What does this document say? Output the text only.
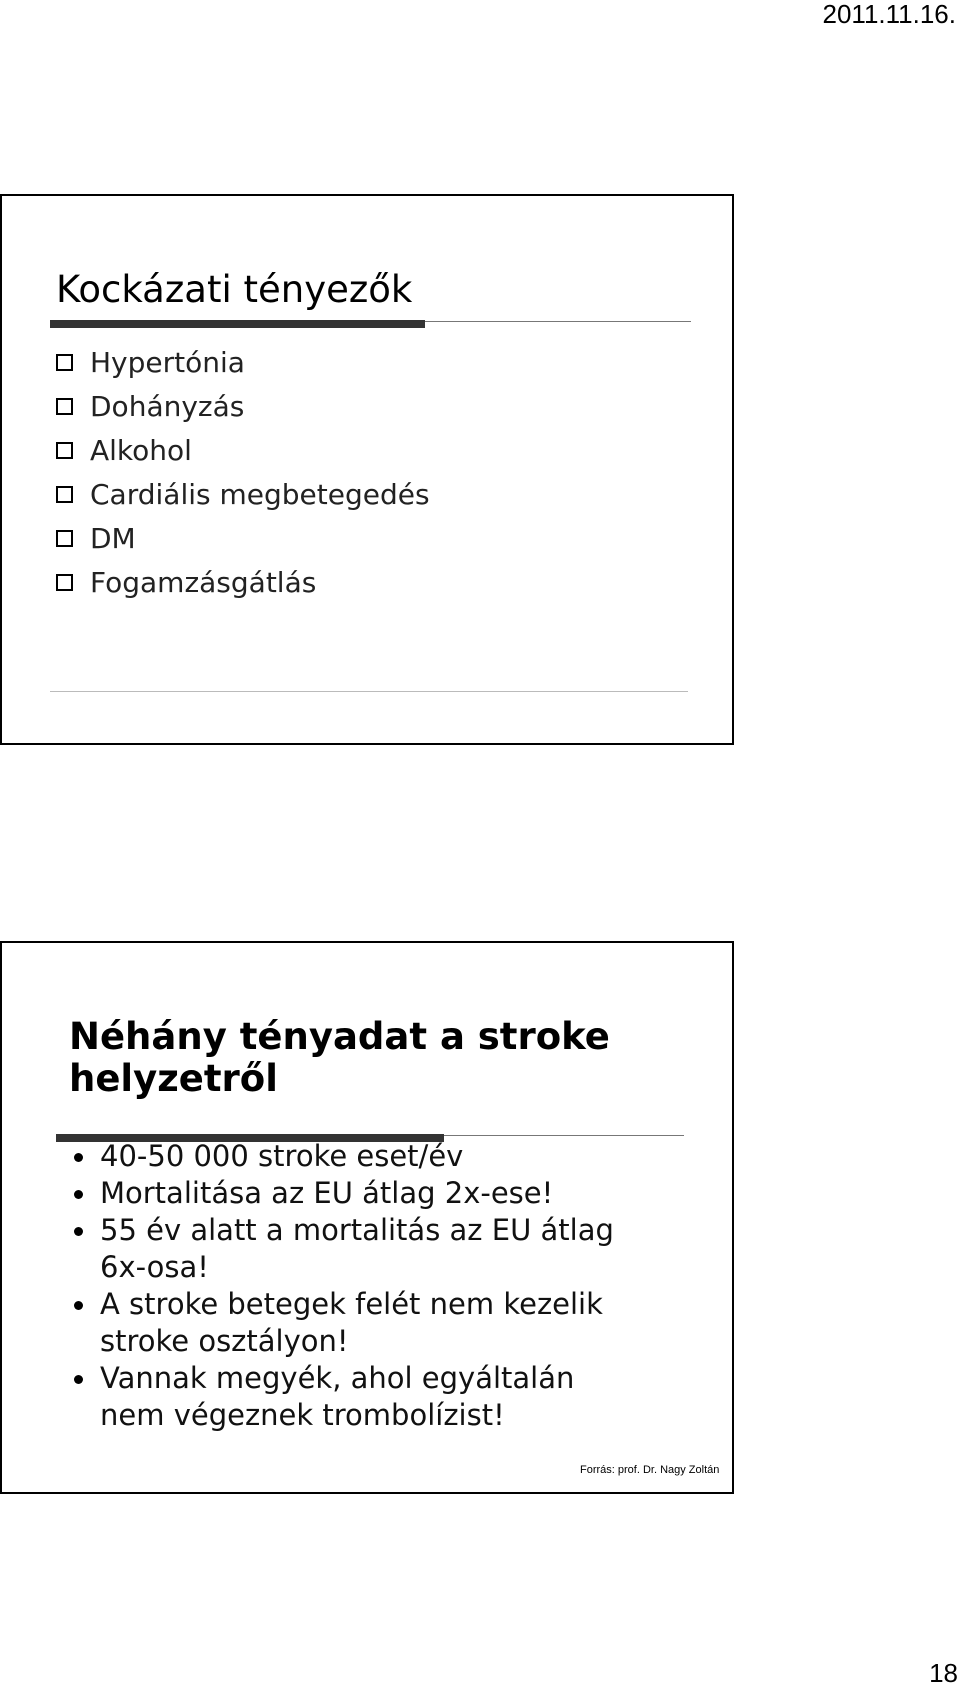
2011.11.16.
Kockázati tényezők
Hypertónia
Dohányzás
Alkohol
Cardiális megbetegedés
DM
Fogamzásgátlás
Néhány tényadat a stroke
helyzetről
40-50 000 stroke eset/év
Mortalitása az EU átlag 2x-ese!
55 év alatt a mortalitás az EU átlag
6x-osa!
A stroke betegek felét nem kezelik
stroke osztályon!
Vannak megyék, ahol egyáltalán
nem végeznek trombolízist!
Forrás: prof. Dr. Nagy Zoltán
18
